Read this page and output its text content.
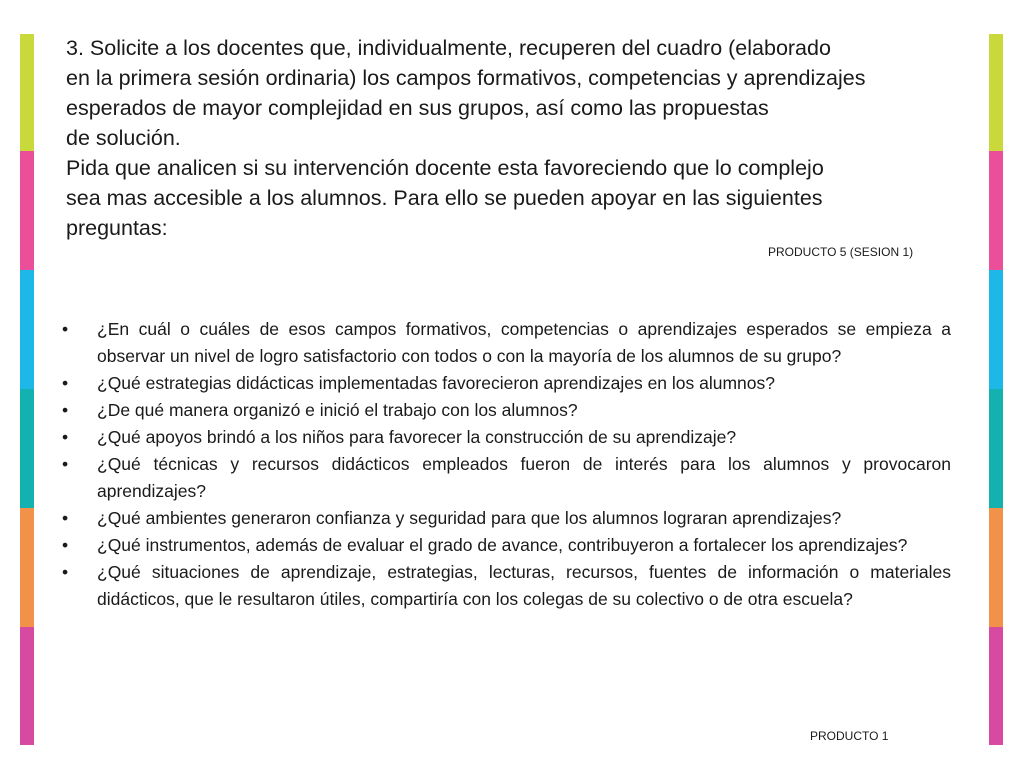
3. Solicite a los docentes que, individualmente, recuperen del cuadro (elaborado

en la primera sesión ordinaria) los campos formativos, competencias y aprendizajes

esperados de mayor complejidad en sus grupos, así como las propuestas

de solución.

Pida que analicen si su intervención docente esta favoreciendo que lo complejo

sea mas accesible a los alumnos. Para ello se pueden apoyar en las siguientes

preguntas:

PRODUCTO 5 (SESION 1)

• ¿En cuál o cuáles de esos campos formativos, competencias o aprendizajes esperados se empieza a observar un nivel de logro satisfactorio con todos o con la mayoría de los alumnos de su grupo?
• ¿Qué estrategias didácticas implementadas favorecieron aprendizajes en los alumnos?
• ¿De qué manera organizó e inició el trabajo con los alumnos?
• ¿Qué apoyos brindó a los niños para favorecer la construcción de su aprendizaje?
• ¿Qué técnicas y recursos didácticos empleados fueron de interés para los alumnos y provocaron aprendizajes?
• ¿Qué ambientes generaron confianza y seguridad para que los alumnos lograran aprendizajes?
• ¿Qué instrumentos, además de evaluar el grado de avance, contribuyeron a fortalecer los aprendizajes?
• ¿Qué situaciones de aprendizaje, estrategias, lecturas, recursos, fuentes de información o materiales didácticos, que le resultaron útiles, compartiría con los colegas de su colectivo o de otra escuela?

PRODUCTO 1
